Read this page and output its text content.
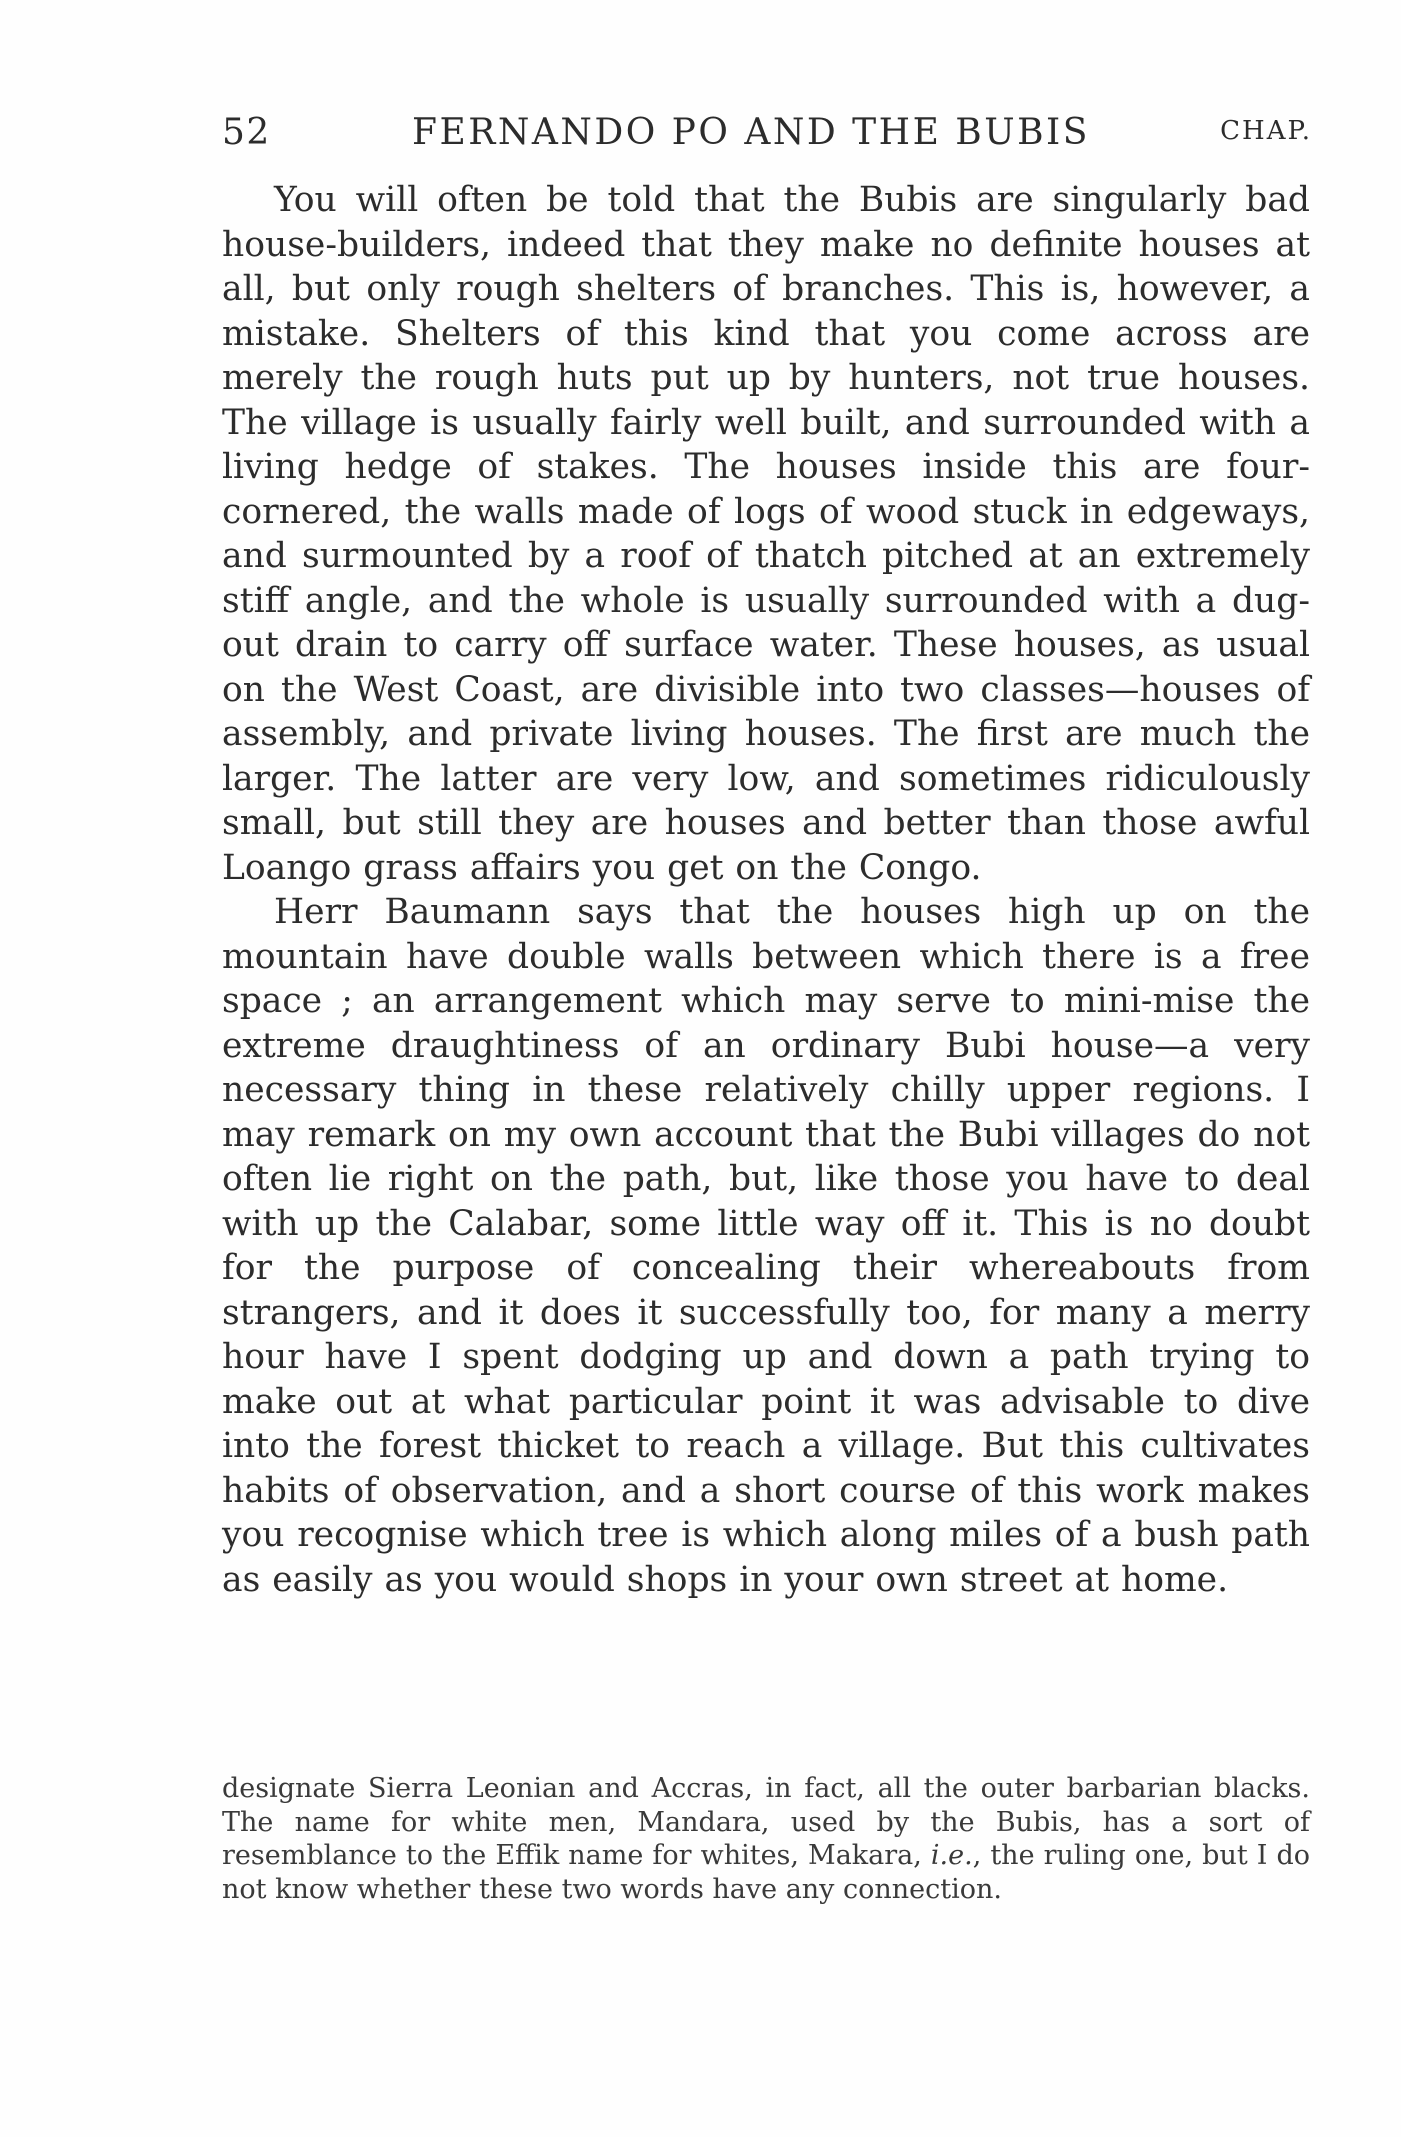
52	FERNANDO PO AND THE BUBIS	CHAP.

You will often be told that the Bubis are singularly bad house-builders, indeed that they make no definite houses at all, but only rough shelters of branches. This is, however, a mistake. Shelters of this kind that you come across are merely the rough huts put up by hunters, not true houses. The village is usually fairly well built, and surrounded with a living hedge of stakes. The houses inside this are four-cornered, the walls made of logs of wood stuck in edgeways, and surmounted by a roof of thatch pitched at an extremely stiff angle, and the whole is usually surrounded with a dug-out drain to carry off surface water. These houses, as usual on the West Coast, are divisible into two classes—houses of assembly, and private living houses. The first are much the larger. The latter are very low, and sometimes ridiculously small, but still they are houses and better than those awful Loango grass affairs you get on the Congo.

Herr Baumann says that the houses high up on the mountain have double walls between which there is a free space ; an arrangement which may serve to mini-mise the extreme draughtiness of an ordinary Bubi house—a very necessary thing in these relatively chilly upper regions. I may remark on my own account that the Bubi villages do not often lie right on the path, but, like those you have to deal with up the Calabar, some little way off it. This is no doubt for the purpose of concealing their whereabouts from strangers, and it does it successfully too, for many a merry hour have I spent dodging up and down a path trying to make out at what particular point it was advisable to dive into the forest thicket to reach a village. But this cultivates habits of observation, and a short course of this work makes you recognise which tree is which along miles of a bush path as easily as you would shops in your own street at home.

designate Sierra Leonian and Accras, in fact, all the outer barbarian blacks. The name for white men, Mandara, used by the Bubis, has a sort of resemblance to the Effik name for whites, Makara, i.e., the ruling one, but I do not know whether these two words have any connection.
